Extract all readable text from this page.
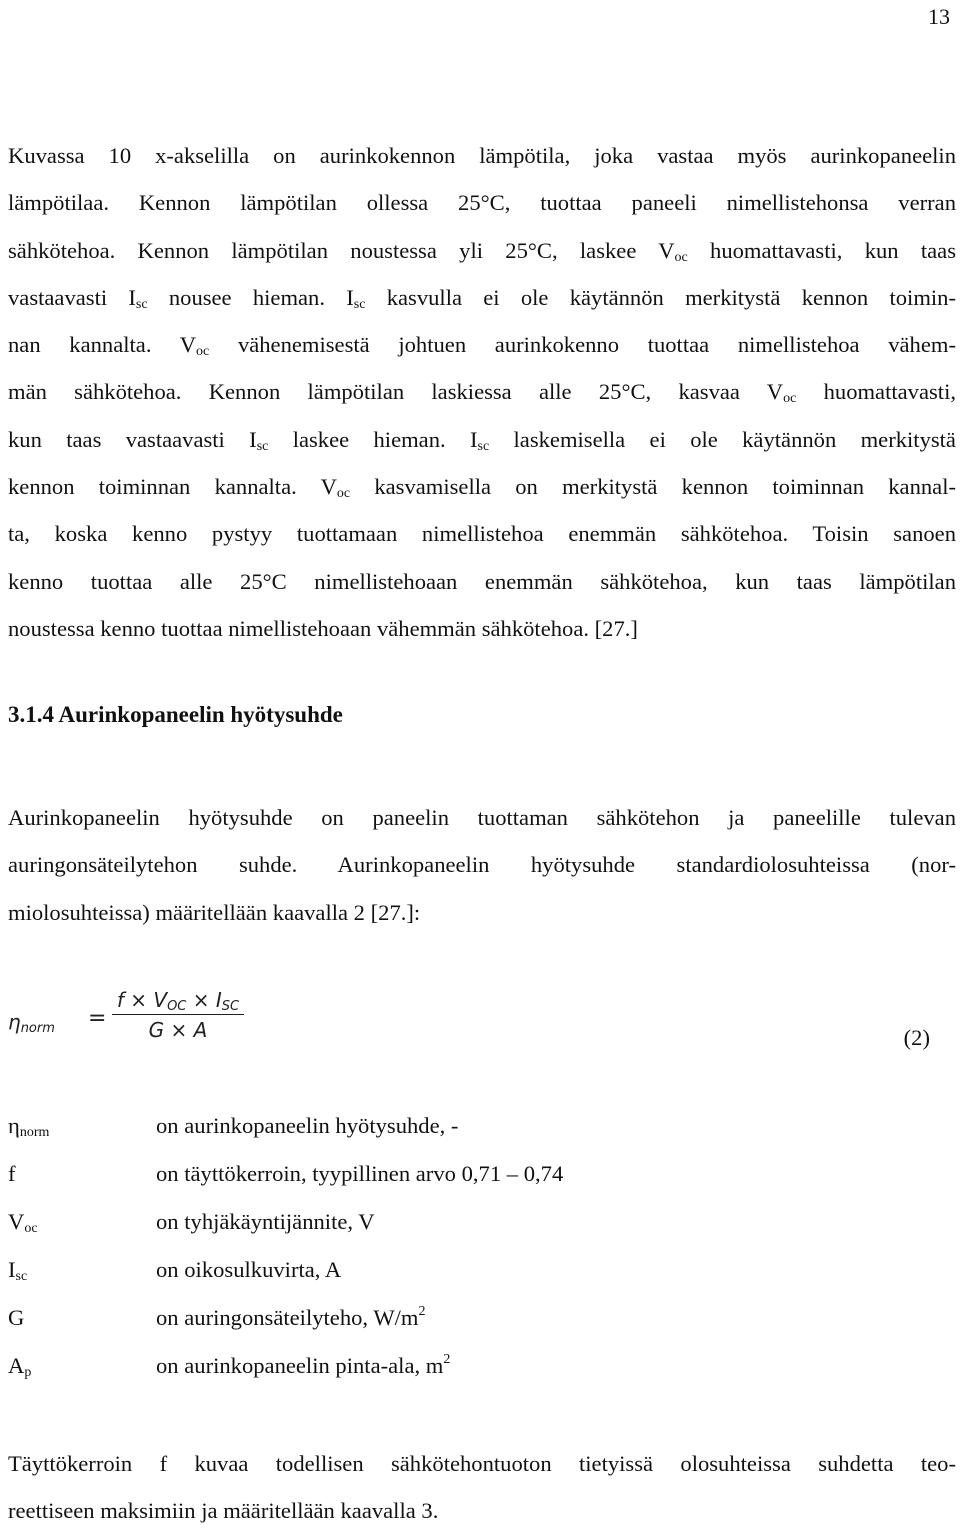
13
Kuvassa 10 x-akselilla on aurinkokennon lämpötila, joka vastaa myös aurinkopaneelin
lämpötilaa. Kennon lämpötilan ollessa 25°C, tuottaa paneeli nimellistehonsa verran
sähkötehoa. Kennon lämpötilan noustessa yli 25°C, laskee $V_{oc}$ huomattavasti, kun taas
vastaavasti $I_{sc}$ nousee hieman. $I_{sc}$ kasvulla ei ole käytännön merkitystä kennon toimin-
nan kannalta. $V_{oc}$ vähenemisestä johtuen aurinkokenno tuottaa nimellistehoa vähem-
män sähkötehoa. Kennon lämpötilan laskiessa alle 25°C, kasvaa $V_{oc}$ huomattavasti,
kun taas vastaavasti $I_{sc}$ laskee hieman. $I_{sc}$ laskemisella ei ole käytännön merkitystä
kennon toiminnan kannalta. $V_{oc}$ kasvamisella on merkitystä kennon toiminnan kannal-
ta, koska kenno pystyy tuottamaan nimellistehoa enemmän sähkötehoa. Toisin sanoen
kenno tuottaa alle 25°C nimellistehoaan enemmän sähkötehoa, kun taas lämpötilan
noustessa kenno tuottaa nimellistehoaan vähemmän sähkötehoa. [27.]
3.1.4 Aurinkopaneelin hyötysuhde
Aurinkopaneelin hyötysuhde on paneelin tuottaman sähkötehon ja paneelille tulevan
auringonsäteilytehon suhde. Aurinkopaneelin hyötysuhde standardiolosuhteissa (nor-
miolosuhteissa) määritellään kaavalla 2 [27.]:
$\eta_{norm}$ =
$f \times V_{OC} \times I_{SC}$
G × A	(2)
$\eta_{norm}$	on aurinkopaneelin hyötysuhde, -
f	on täyttökerroin, tyypillinen arvo 0,71 – 0,74
$V_{oc}$	on tyhjäkäyntijännite, V
$I_{sc}$	on oikosulkuvirta, A
G	on auringonsäteilyteho, $W/m^2$
$A_p$	on aurinkopaneelin pinta-ala, $m^2$
Täyttökerroin f kuvaa todellisen sähkötehontuoton tietyissä olosuhteissa suhdetta teo-
reettiseen maksimiin ja määritellään kaavalla 3.
